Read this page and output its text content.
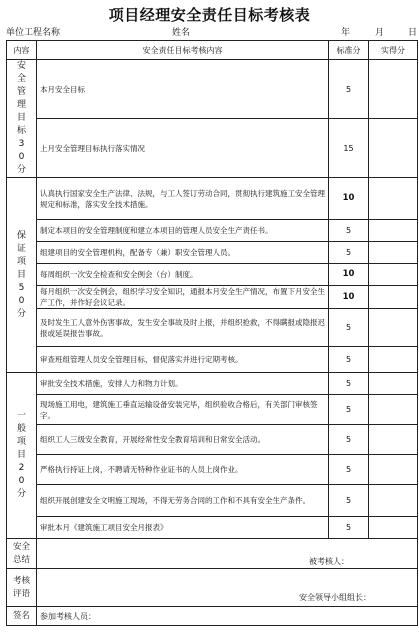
项目经理安全责任目标考核表
单位工程名称	姓名	年	月	日
内容	安全责任目标考核内容	标准分	实得分
安全管理目标30分	本月安全目标	5	
	上月安全管理目标执行落实情况	15	
保证项目50分	认真执行国家安全生产法律、法规，与工人签订劳动合同，贯彻执行建筑施工安全管理规定和标准，落实安全技术措施。	10	
	制定本项目的安全管理制度和建立本项目的管理人员安全生产责任书。	5	
	组建项目的安全管理机构，配备专（兼）职安全管理人员。	5	
	每周组织一次安全检查和安全例会（台）制度。	10	
	每月组织一次安全例会，组织学习安全知识，通报本月安全生产情况，布置下月安全生产工作，并作好会议记录。	10	
	及时发生工人意外伤害事故，发生安全事故及时上报，并组织抢救，不得瞒报或隐报迟报或延误报告事故。	5	
	审查班组管理人员安全管理目标，督促落实并进行定期考核。	5	
一般项目20分	审批安全技术措施，安排人力和物力计划。	5	
	现场施工用电，建筑施工垂直运输设备安装完毕，组织验收合格后，有关部门审核签字。	5	
	组织工人三级安全教育，开展经常性安全教育培训和日常安全活动。	5	
	严格执行持证上岗，不聘请无特种作业证书的人员上岗作业。	5	
	组织开展创建安全文明施工现场，不得无劳务合同的工作和不具有安全生产条件。	5	
	审批本月《建筑施工项目安全月报表》	5	
安全总结	被考核人：		

考核评语	安全领导小组组长：		

签名	参加考核人员：		
